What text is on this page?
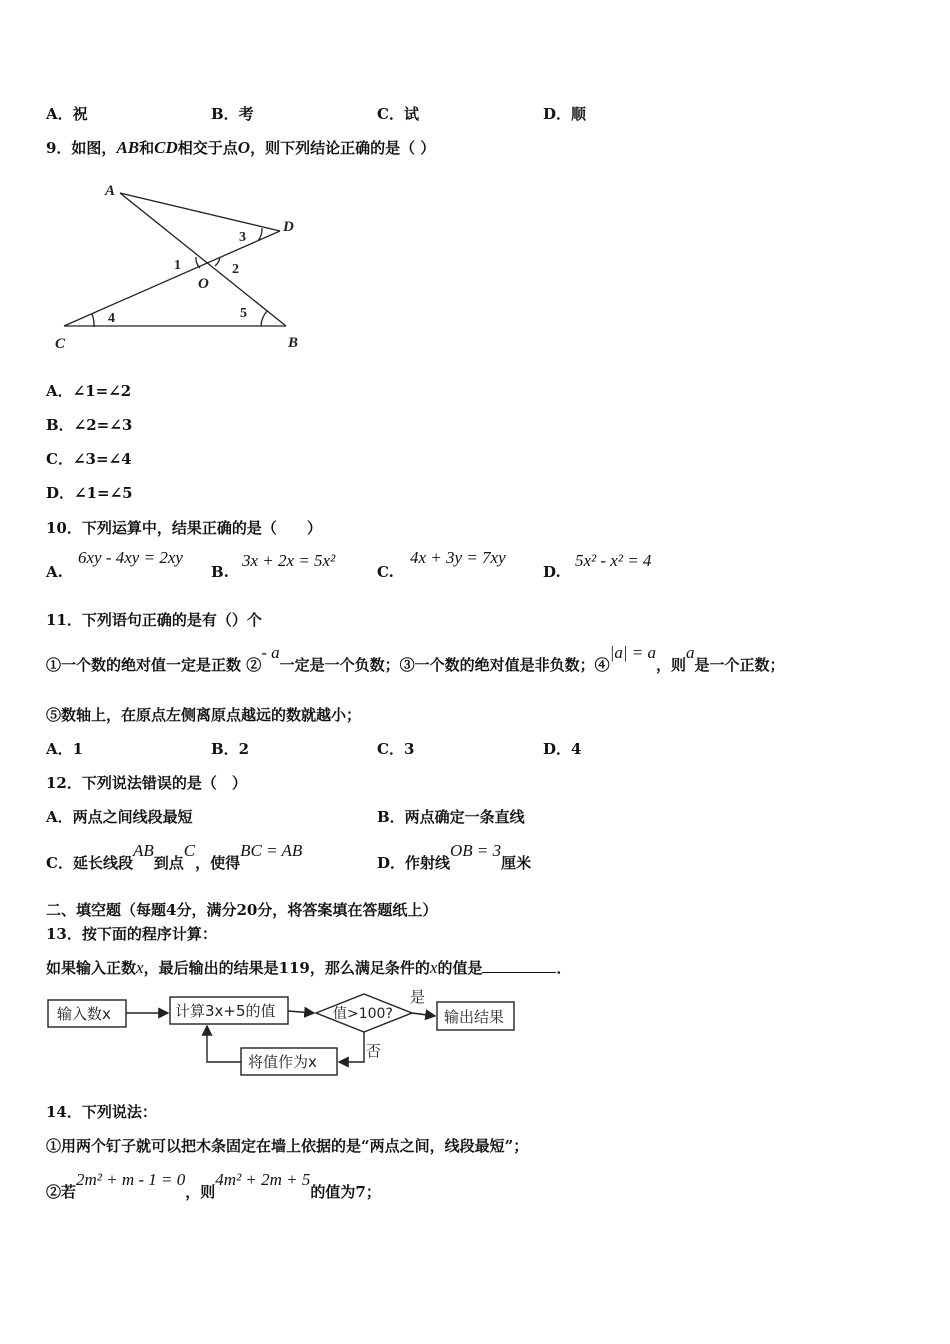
A．祝	B．考	C．试	D．顺
9．如图，AB和CD相交于点O，则下列结论正确的是（ ）
A
D
C	B
O
1	2
3
4	5
A．∠1=∠2
B．∠2=∠3
C．∠3=∠4
D．∠1=∠5
10．下列运算中，结果正确的是（　　）
A.
6xy - 4xy = 2xy
B.
3x + 2x = 5x²
C.
4x + 3y = 7xy
D.
5x² - x² = 4
11．下列语句正确的是有（）个
①一个数的绝对值一定是正数 ②- a一定是一个负数；③一个数的绝对值是非负数；④|a| = a，则a是一个正数；
⑤数轴上，在原点左侧离原点越远的数就越小；
A．1	B．2	C．3	D．4
12．下列说法错误的是（　）
A．两点之间线段最短	B．两点确定一条直线
C．延长线段AB到点C，使得BC = AB
D．作射线OB = 3厘米
二、填空题（每题4分，满分20分，将答案填在答题纸上）
13．按下面的程序计算：
如果输入正数x，最后输出的结果是119，那么满足条件的x的值是	．
输入数x	计算3x+5的值	值>100?
是
输出结果
否
将值作为x
14．下列说法：
①用两个钉子就可以把木条固定在墙上依据的是“两点之间，线段最短”；
②若2m² + m - 1 = 0，则4m² + 2m + 5的值为7；
